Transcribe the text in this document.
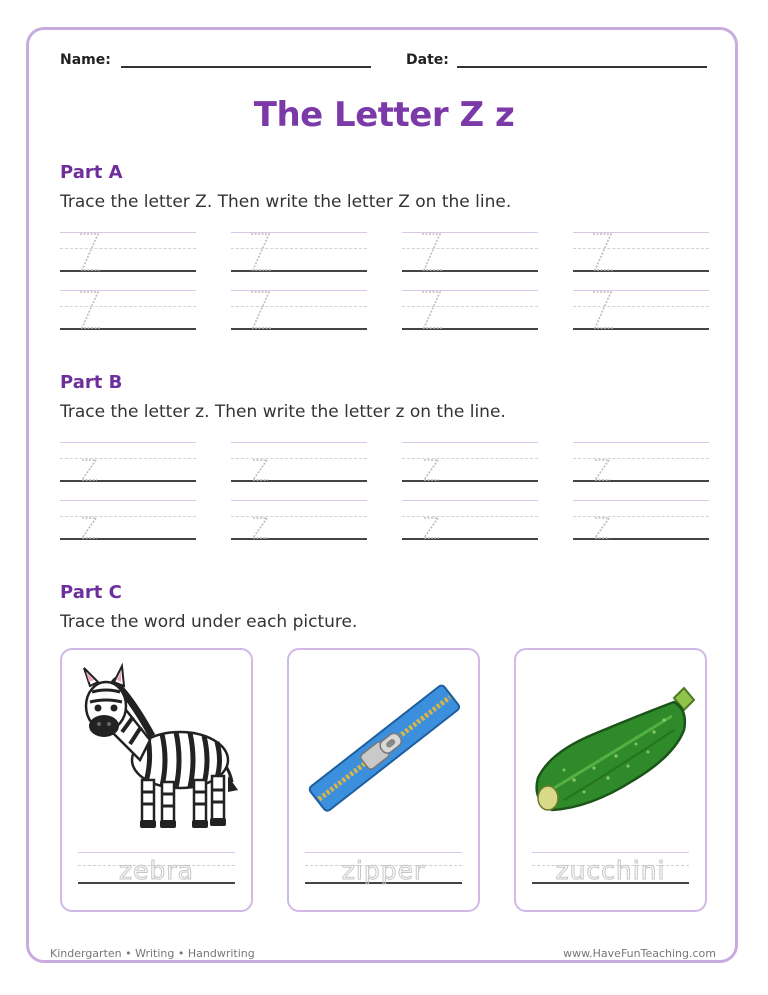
Name:	Date:
The Letter Z z
Part A
Trace the letter Z. Then write the letter Z on the line.
Part B
Trace the letter z. Then write the letter z on the line.
Part C
Trace the word under each picture.
zebra	zipper	zucchini
Kindergarten • Writing • Handwriting	www.HaveFunTeaching.com
